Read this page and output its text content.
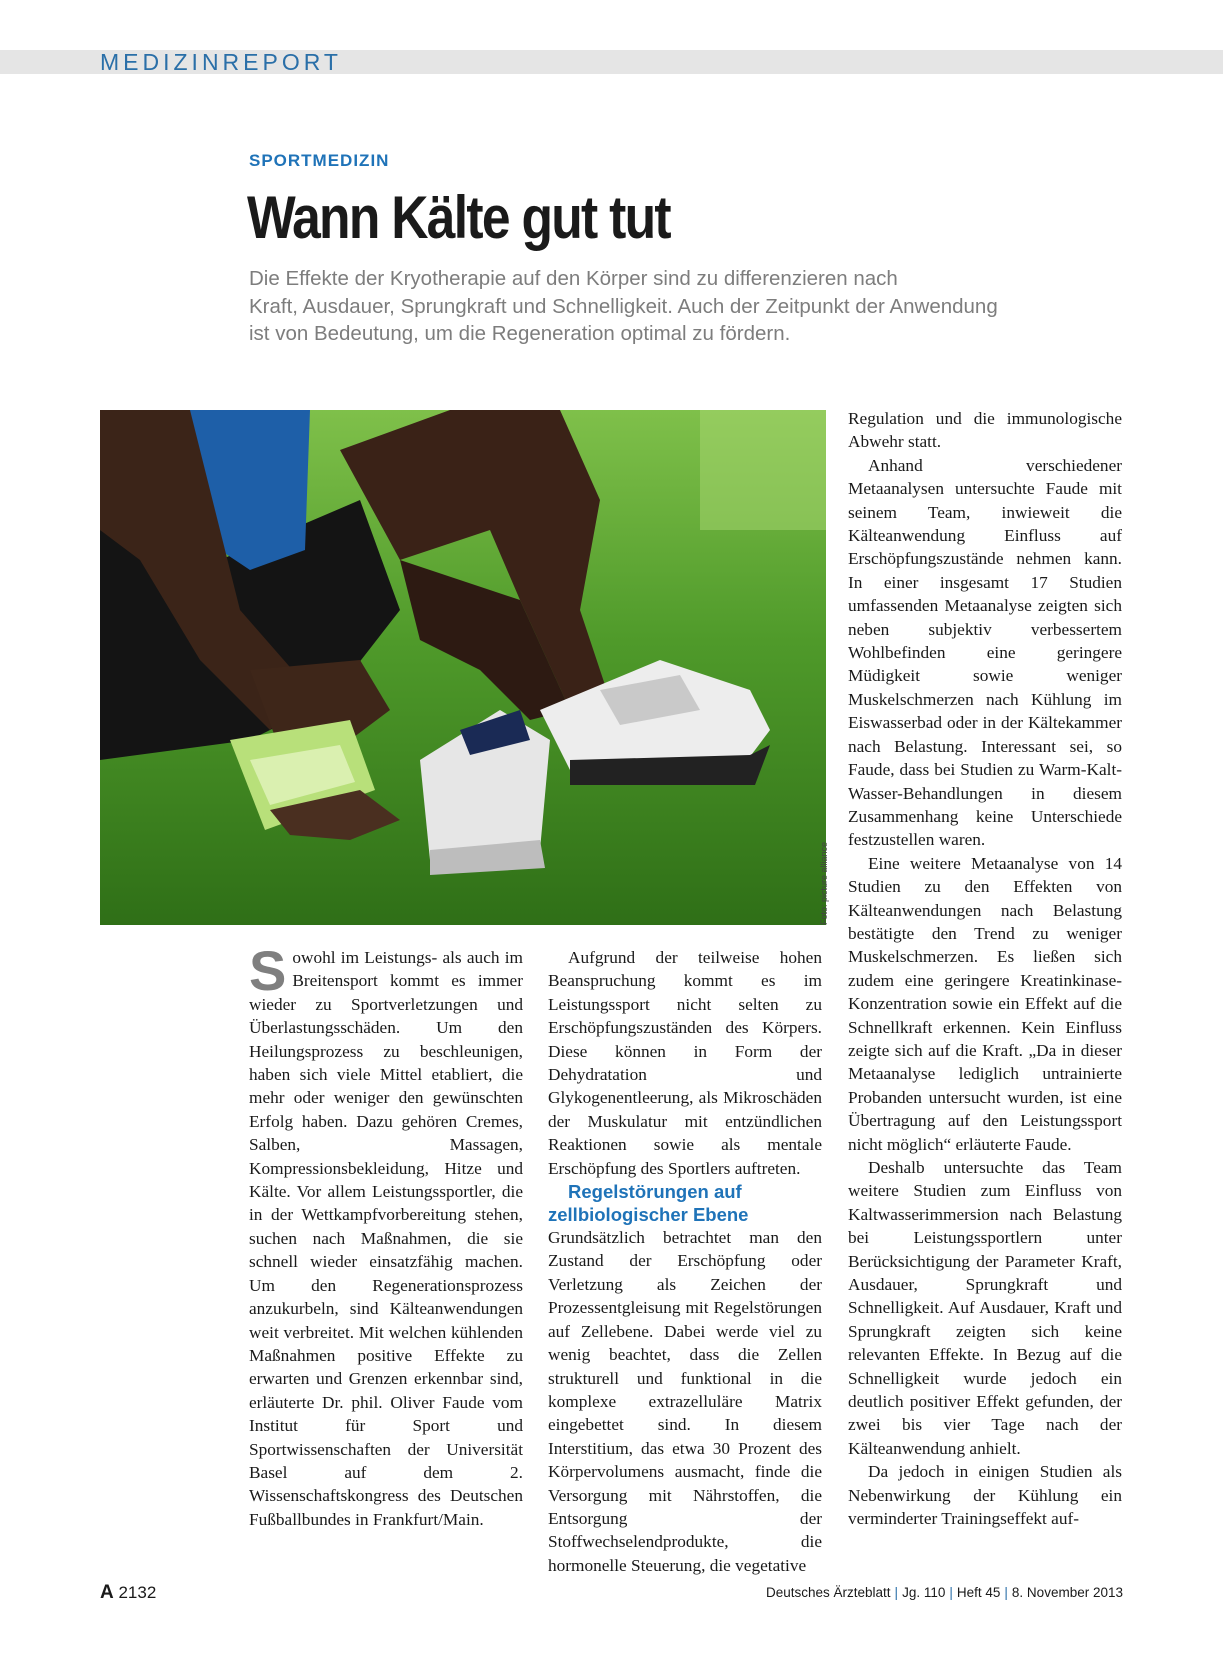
MEDIZINREPORT
SPORTMEDIZIN
Wann Kälte gut tut
Die Effekte der Kryotherapie auf den Körper sind zu differenzieren nach
Kraft, Ausdauer, Sprungkraft und Schnelligkeit. Auch der Zeitpunkt der Anwendung
ist von Bedeutung, um die Regeneration optimal zu fördern.
Foto: picture alliance

Sowohl im Leistungs- als auch im Breitensport kommt es immer wieder zu Sportverletzungen und Überlastungsschäden. Um den Heilungsprozess zu beschleunigen, haben sich viele Mittel etabliert, die mehr oder weniger den gewünschten Erfolg haben. Dazu gehören Cremes, Salben, Massagen, Kompressionsbekleidung, Hitze und Kälte. Vor allem Leistungssportler, die in der Wettkampfvorbereitung stehen, suchen nach Maßnahmen, die sie schnell wieder einsatzfähig machen. Um den Regenerationsprozess anzukurbeln, sind Kälteanwendungen weit verbreitet. Mit welchen kühlenden Maßnahmen positive Effekte zu erwarten und Grenzen erkennbar sind, erläuterte Dr. phil. Oliver Faude vom Institut für Sport und Sportwissenschaften der Universität Basel auf dem 2. Wissenschaftskongress des Deutschen Fußballbundes in Frankfurt/Main.

Aufgrund der teilweise hohen Beanspruchung kommt es im Leistungssport nicht selten zu Erschöpfungszuständen des Körpers. Diese können in Form der Dehydratation und Glykogenentleerung, als Mikroschäden der Muskulatur mit entzündlichen Reaktionen sowie als mentale Erschöpfung des Sportlers auftreten.

Regelstörungen auf zellbiologischer Ebene

Grundsätzlich betrachtet man den Zustand der Erschöpfung oder Verletzung als Zeichen der Prozessentgleisung mit Regelstörungen auf Zellebene. Dabei werde viel zu wenig beachtet, dass die Zellen strukturell und funktional in die komplexe extrazelluläre Matrix eingebettet sind. In diesem Interstitium, das etwa 30 Prozent des Körpervolumens ausmacht, finde die Versorgung mit Nährstoffen, die Entsorgung der Stoffwechselendprodukte, die hormonelle Steuerung, die vegetative

Regulation und die immunologische Abwehr statt.

Anhand verschiedener Metaanalysen untersuchte Faude mit seinem Team, inwieweit die Kälteanwendung Einfluss auf Erschöpfungszustände nehmen kann. In einer insgesamt 17 Studien umfassenden Metaanalyse zeigten sich neben subjektiv verbessertem Wohlbefinden eine geringere Müdigkeit sowie weniger Muskelschmerzen nach Kühlung im Eiswasserbad oder in der Kältekammer nach Belastung. Interessant sei, so Faude, dass bei Studien zu Warm-Kalt-Wasser-Behandlungen in diesem Zusammenhang keine Unterschiede festzustellen waren.

Eine weitere Metaanalyse von 14 Studien zu den Effekten von Kälteanwendungen nach Belastung bestätigte den Trend zu weniger Muskelschmerzen. Es ließen sich zudem eine geringere Kreatinkinase-Konzentration sowie ein Effekt auf die Schnellkraft erkennen. Kein Einfluss zeigte sich auf die Kraft. „Da in dieser Metaanalyse lediglich untrainierte Probanden untersucht wurden, ist eine Übertragung auf den Leistungssport nicht möglich“ erläuterte Faude.

Deshalb untersuchte das Team weitere Studien zum Einfluss von Kaltwasserimmersion nach Belastung bei Leistungssportlern unter Berücksichtigung der Parameter Kraft, Ausdauer, Sprungkraft und Schnelligkeit. Auf Ausdauer, Kraft und Sprungkraft zeigten sich keine relevanten Effekte. In Bezug auf die Schnelligkeit wurde jedoch ein deutlich positiver Effekt gefunden, der zwei bis vier Tage nach der Kälteanwendung anhielt.

Da jedoch in einigen Studien als Nebenwirkung der Kühlung ein verminderter Trainingseffekt auf-

A 2132	Deutsches Ärzteblatt | Jg. 110 | Heft 45 | 8. November 2013
